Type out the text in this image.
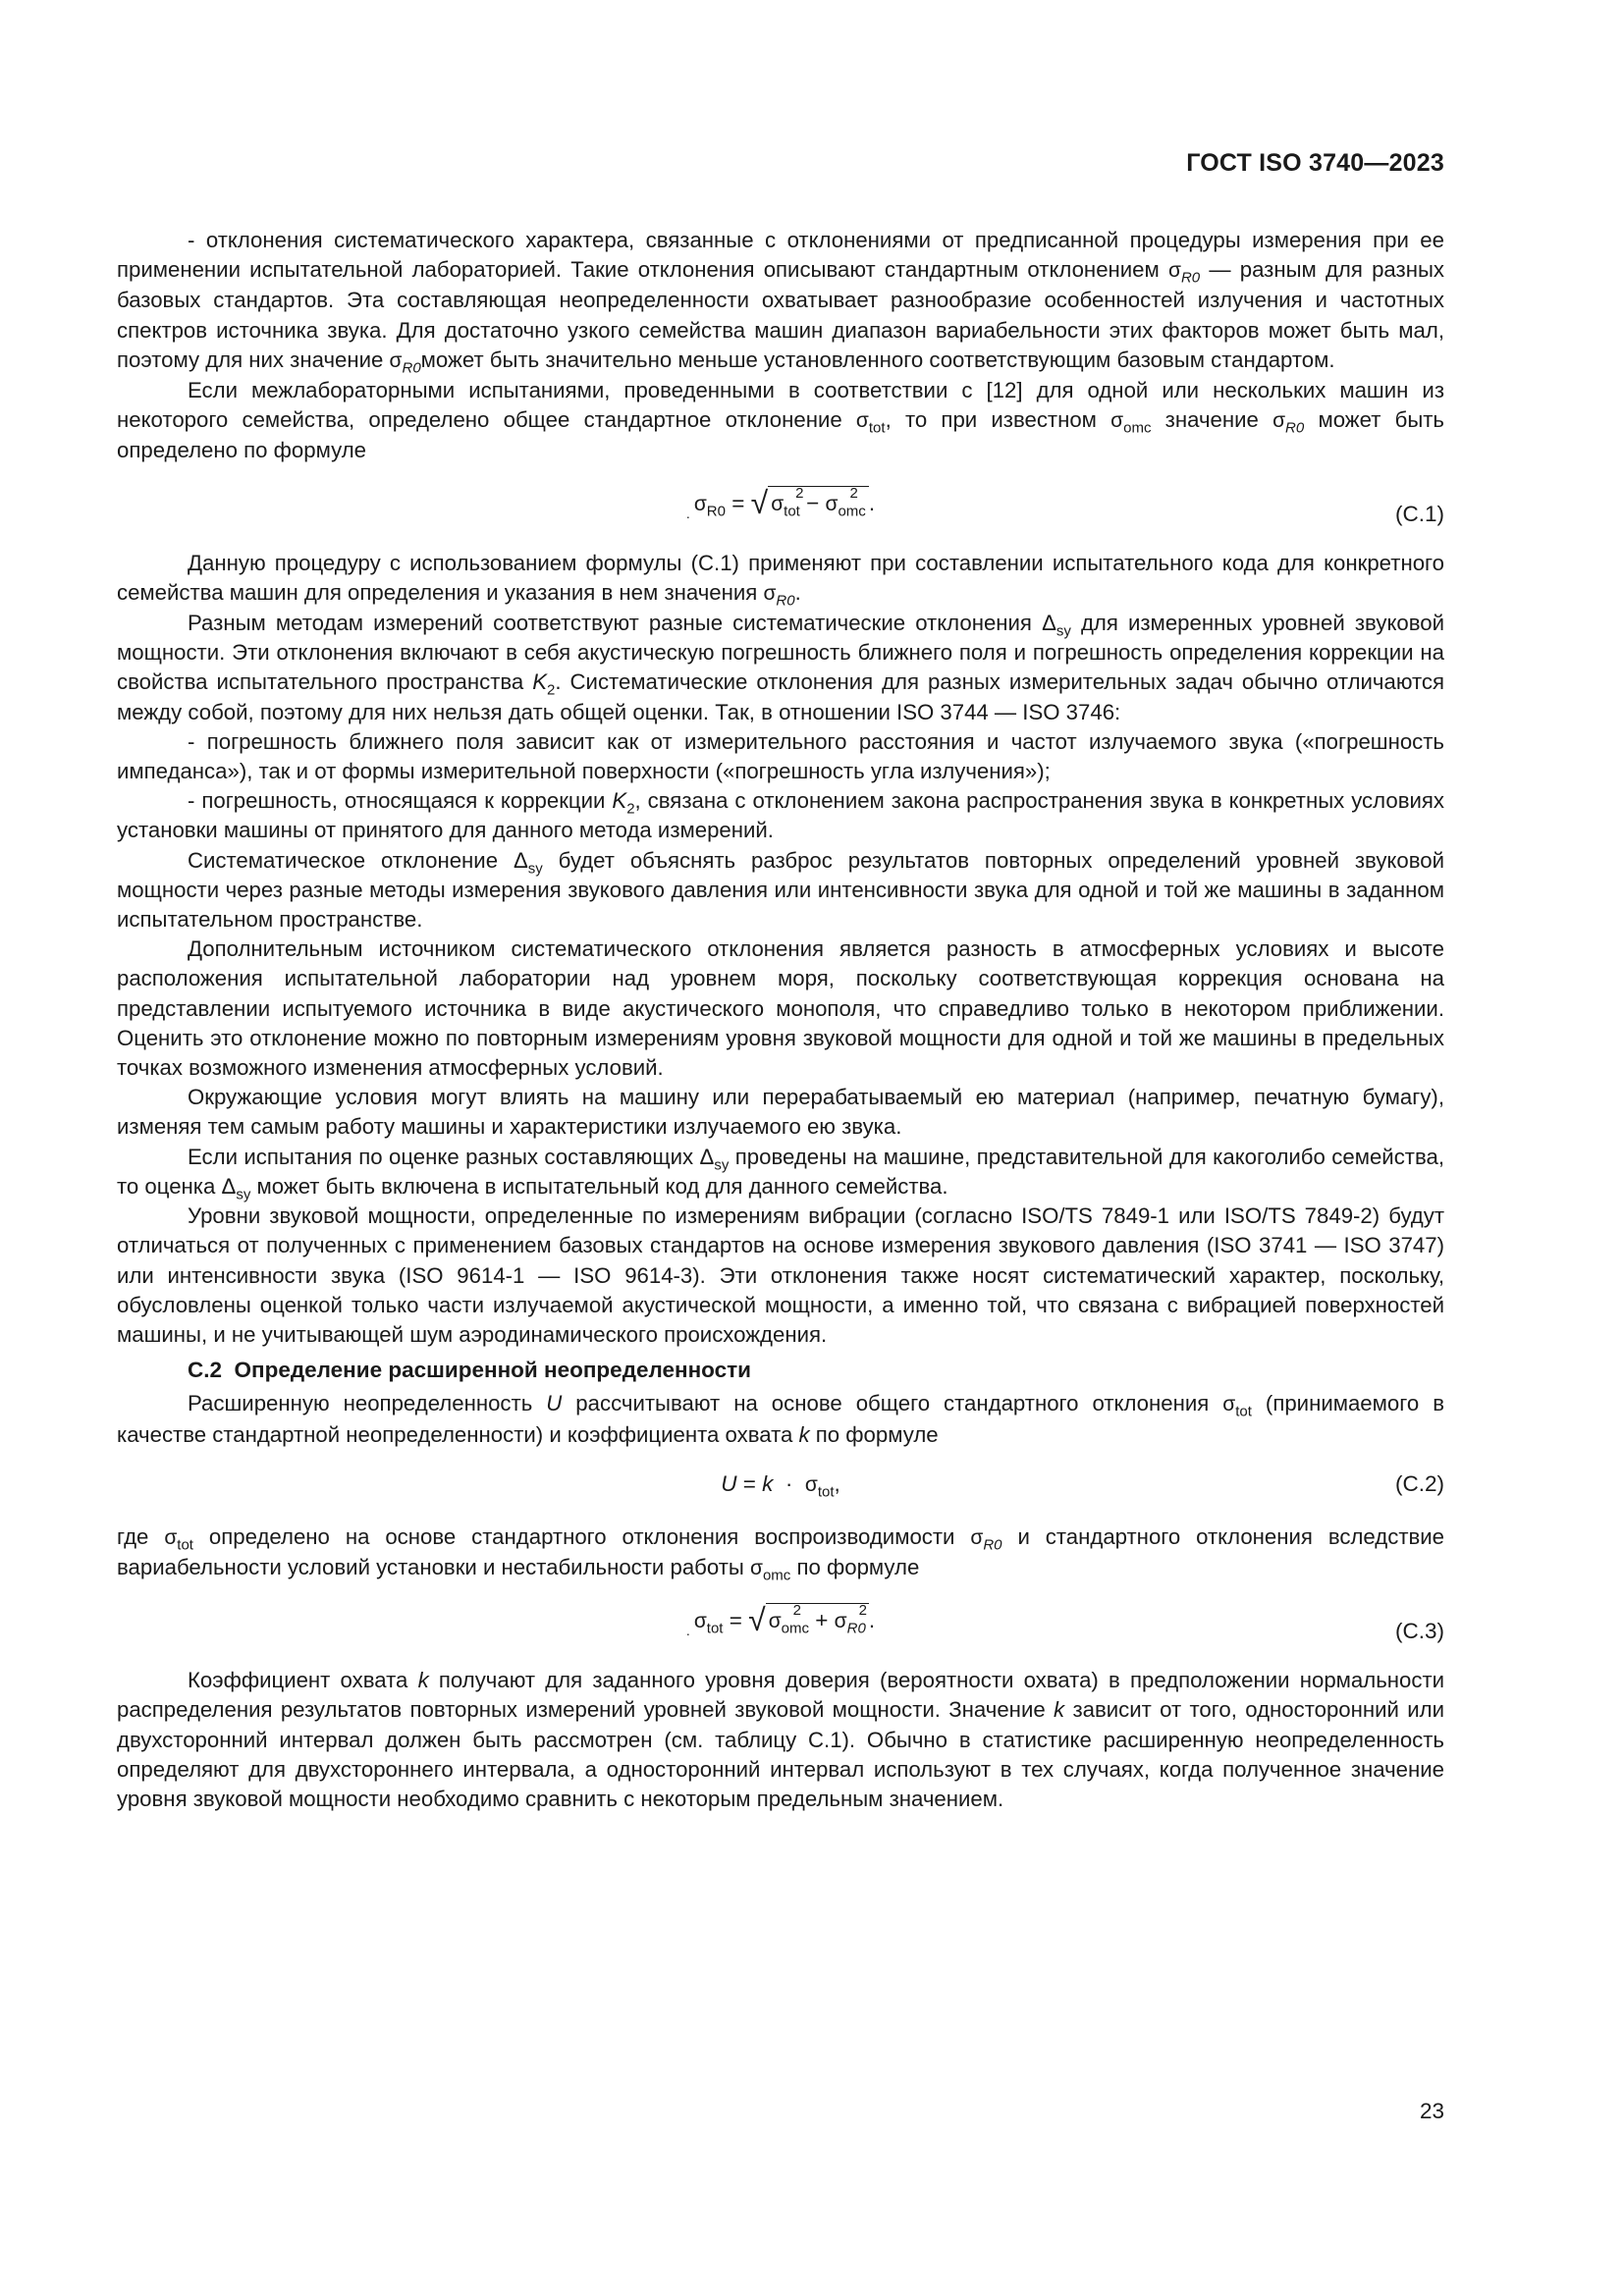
ГОСТ ISO 3740—2023

- отклонения систематического характера, связанные с отклонениями от предписанной процедуры измерения при ее применении испытательной лабораторией. Такие отклонения описывают стандартным отклонением $\sigma_{R0}$ — разным для разных базовых стандартов. Эта составляющая неопределенности охватывает разнообразие особенностей излучения и частотных спектров источника звука. Для достаточно узкого семейства машин диапазон вариабельности этих факторов может быть мал, поэтому для них значение $\sigma_{R0}может$ быть значительно меньше установленного соответствующим базовым стандартом.

Если межлабораторными испытаниями, проведенными в соответствии с [12] для одной или нескольких машин из некоторого семейства, определено общее стандартное отклонение $\sigma_{tot}$, то при известном $\sigma_{omc}$ значение $\sigma_{R0}$ может быть определено по формуле

$_.$ $\sigma_{R0}$ = √ $\sigma_{tot}$
2
− $\sigma_{omc}$
2 .	(C.1)

Данную процедуру с использованием формулы (C.1) применяют при составлении испытательного кода для конкретного семейства машин для определения и указания в нем значения $\sigma_{R0}$.

Разным методам измерений соответствуют разные систематические отклонения $\Delta_{sy}$ для измеренных уровней звуковой мощности. Эти отклонения включают в себя акустическую погрешность ближнего поля и погрешность определения коррекции на свойства испытательного пространства $K_2$. Систематические отклонения для разных измерительных задач обычно отличаются между собой, поэтому для них нельзя дать общей оценки. Так, в отношении ISO 3744 — ISO 3746:

- погрешность ближнего поля зависит как от измерительного расстояния и частот излучаемого звука («погрешность импеданса»), так и от формы измерительной поверхности («погрешность угла излучения»);

- погрешность, относящаяся к коррекции $K_2$, связана с отклонением закона распространения звука в конкретных условиях установки машины от принятого для данного метода измерений.

Систематическое отклонение $\Delta_{sy}$ будет объяснять разброс результатов повторных определений уровней звуковой мощности через разные методы измерения звукового давления или интенсивности звука для одной и той же машины в заданном испытательном пространстве.

Дополнительным источником систематического отклонения является разность в атмосферных условиях и высоте расположения испытательной лаборатории над уровнем моря, поскольку соответствующая коррекция основана на представлении испытуемого источника в виде акустического монополя, что справедливо только в некотором приближении. Оценить это отклонение можно по повторным измерениям уровня звуковой мощности для одной и той же машины в предельных точках возможного изменения атмосферных условий.

Окружающие условия могут влиять на машину или перерабатываемый ею материал (например, печатную бумагу), изменяя тем самым работу машины и характеристики излучаемого ею звука.

Если испытания по оценке разных составляющих $\Delta_{sy}$ проведены на машине, представительной для какоголибо семейства, то оценка $\Delta_{sy}$ может быть включена в испытательный код для данного семейства.

Уровни звуковой мощности, определенные по измерениям вибрации (согласно ISO/TS 7849-1 или ISO/TS 7849-2) будут отличаться от полученных с применением базовых стандартов на основе измерения звукового давления (ISO 3741 — ISO 3747) или интенсивности звука (ISO 9614-1 — ISO 9614-3). Эти отклонения также носят систематический характер, поскольку, обусловлены оценкой только части излучаемой акустической мощности, а именно той, что связана с вибрацией поверхностей машины, и не учитывающей шум аэродинамического происхождения.

C.2 Определение расширенной неопределенности

Расширенную неопределенность U рассчитывают на основе общего стандартного отклонения $\sigma_{tot}$ (принимаемого в качестве стандартной неопределенности) и коэффициента охвата k по формуле

$U = k \cdot \sigma_{tot}$,	(C.2)

где $\sigma_{tot}$ определено на основе стандартного отклонения воспроизводимости $\sigma_{R0}$ и стандартного отклонения вследствие вариабельности условий установки и нестабильности работы $\sigma_{omc}$ по формуле

$_.$ $\sigma_{tot}$ = √ $\sigma_{omc}$
$2 + \sigma_{R0}$
2 .	(C.3)

Коэффициент охвата k получают для заданного уровня доверия (вероятности охвата) в предположении нормальности распределения результатов повторных измерений уровней звуковой мощности. Значение k зависит от того, односторонний или двухсторонний интервал должен быть рассмотрен (см. таблицу C.1). Обычно в статистике расширенную неопределенность определяют для двухстороннего интервала, а односторонний интервал используют в тех случаях, когда полученное значение уровня звуковой мощности необходимо сравнить с некоторым предельным значением.

23
